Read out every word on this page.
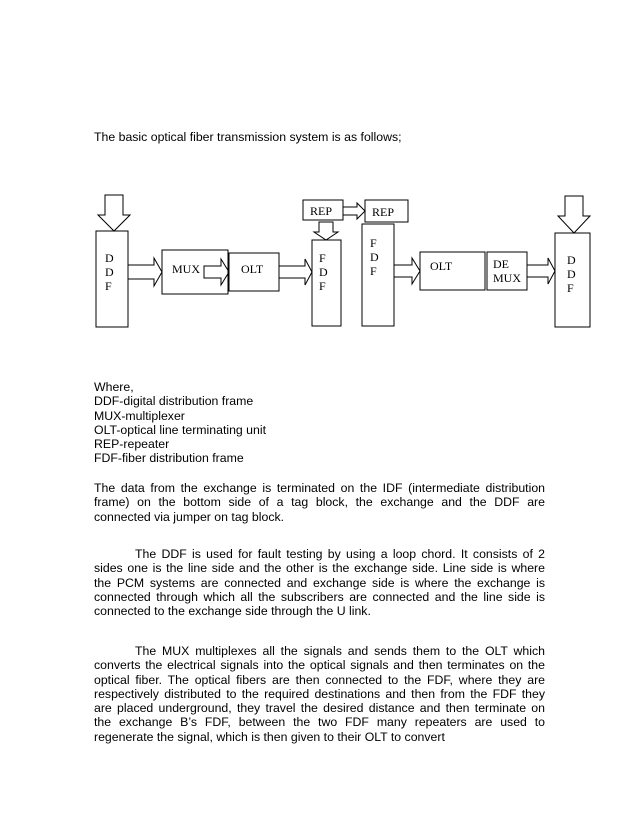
The basic optical fiber transmission system is as follows;
D
D
F
MUX	OLT
REP	REP
F
D
F
F
D
F	OLT	DE
MUX
D
D
F
Where,
DDF-digital distribution frame
MUX-multiplexer
OLT-optical line terminating unit
REP-repeater
FDF-fiber distribution frame

The data from the exchange is terminated on the IDF (intermediate distribution frame) on the bottom side of a tag block, the exchange and the DDF are connected via jumper on tag block.

The DDF is used for fault testing by using a loop chord. It consists of 2 sides one is the line side and the other is the exchange side. Line side is where the PCM systems are connected and exchange side is where the exchange is connected through which all the subscribers are connected and the line side is connected to the exchange side through the U link.

The MUX multiplexes all the signals and sends them to the OLT which converts the electrical signals into the optical signals and then terminates on the optical fiber. The optical fibers are then connected to the FDF, where they are respectively distributed to the required destinations and then from the FDF they are placed underground, they travel the desired distance and then terminate on the exchange B’s FDF, between the two FDF many repeaters are used to regenerate the signal, which is then given to their OLT to convert
